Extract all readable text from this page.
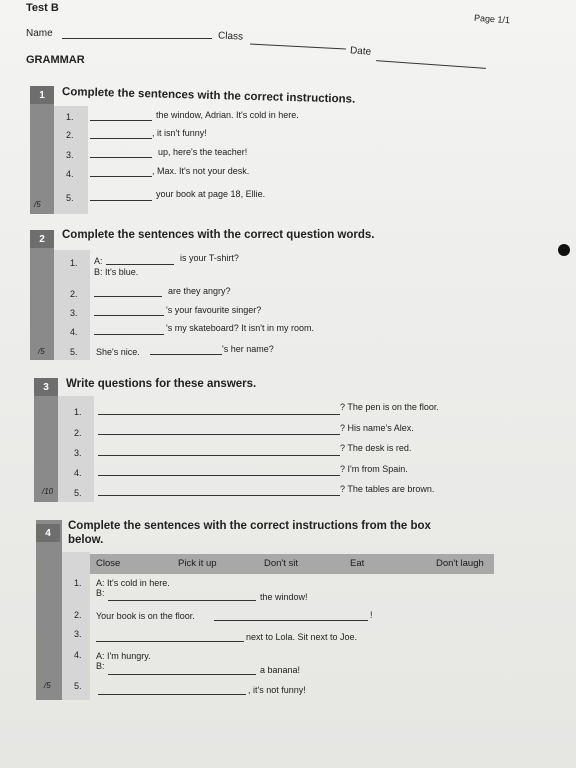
Test B
Page 1/1
Name	Class
Date
GRAMMAR
1	Complete the sentences with the correct instructions.
/5
1.	the window, Adrian. It's cold in here.
2.	, it isn't funny!
3.	up, here's the teacher!
4.	, Max. It's not your desk.
5.	your book at page 18, Ellie.
2	Complete the sentences with the correct question words.
/5
1. A:	is your T-shirt?
B: It's blue.
2.	are they angry?
3.	's your favourite singer?
4.	's my skateboard? It isn't in my room.
5. She's nice.	's her name?
3	Write questions for these answers.
/10
1.	? The pen is on the floor.
2.	? His name's Alex.
3.	? The desk is red.
4.	? I'm from Spain.
5.	? The tables are brown.
4
Complete the sentences with the correct instructions from the box
below.
/5
Close	Pick it up	Don't sit	Eat	Don't laugh
1. A: It's cold in here.
B:	the window!
2. Your book is on the floor.	!
3.	next to Lola. Sit next to Joe.
4. A: I'm hungry.
B:	a banana!
5.	, it's not funny!
